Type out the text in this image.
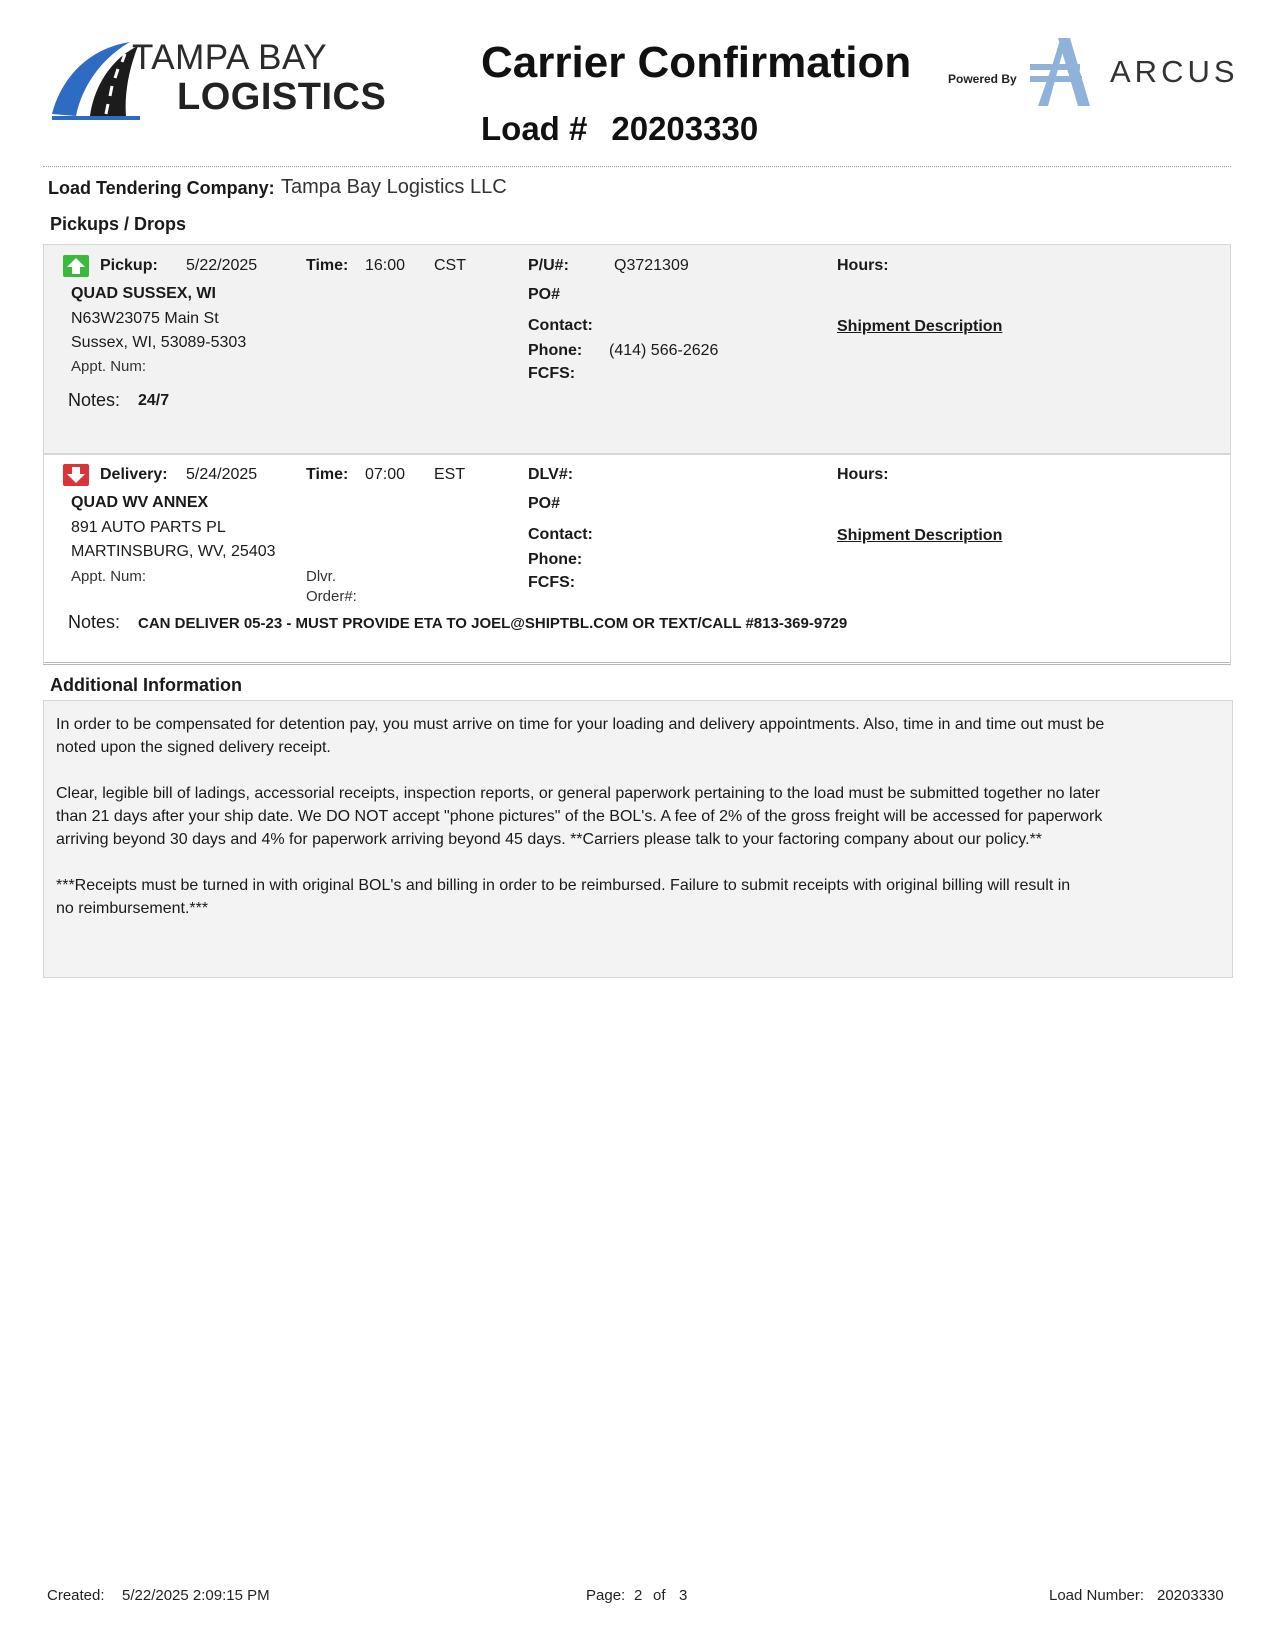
TAMPA BAY
LOGISTICS
Carrier Confirmation
Load # 20203330
Powered By	ARCUS
Load Tendering Company: Tampa Bay Logistics LLC
Pickups / Drops
Pickup: 5/22/2025	Time: 16:00 CST	P/U#:	Q3721309
PO#
Contact:
Phone: (414) 566-2626
FCFS:
Hours:
Shipment Description
QUAD SUSSEX, WI
N63W23075 Main St
Sussex, WI, 53089-5303
Appt. Num:
Notes: 24/7
Delivery: 5/24/2025	Time: 07:00 EST	DLV#:
PO#
Contact:
Phone:
FCFS:
Hours:
Shipment Description
QUAD WV ANNEX
891 AUTO PARTS PL
MARTINSBURG, WV, 25403
Appt. Num:	Dlvr.
Order#:
Notes: CAN DELIVER 05-23 - MUST PROVIDE ETA TO JOEL@SHIPTBL.COM OR TEXT/CALL #813-369-9729
Additional Information

In order to be compensated for detention pay, you must arrive on time for your loading and delivery appointments. Also, time in and time out must be

noted upon the signed delivery receipt.

Clear, legible bill of ladings, accessorial receipts, inspection reports, or general paperwork pertaining to the load must be submitted together no later

than 21 days after your ship date. We DO NOT accept "phone pictures" of the BOL's. A fee of 2% of the gross freight will be accessed for paperwork

arriving beyond 30 days and 4% for paperwork arriving beyond 45 days. **Carriers please talk to your factoring company about our policy.**

***Receipts must be turned in with original BOL's and billing in order to be reimbursed. Failure to submit receipts with original billing will result in

no reimbursement.***

Created: 5/22/2025 2:09:15 PM	Page: 2 of 3	Load Number: 20203330
